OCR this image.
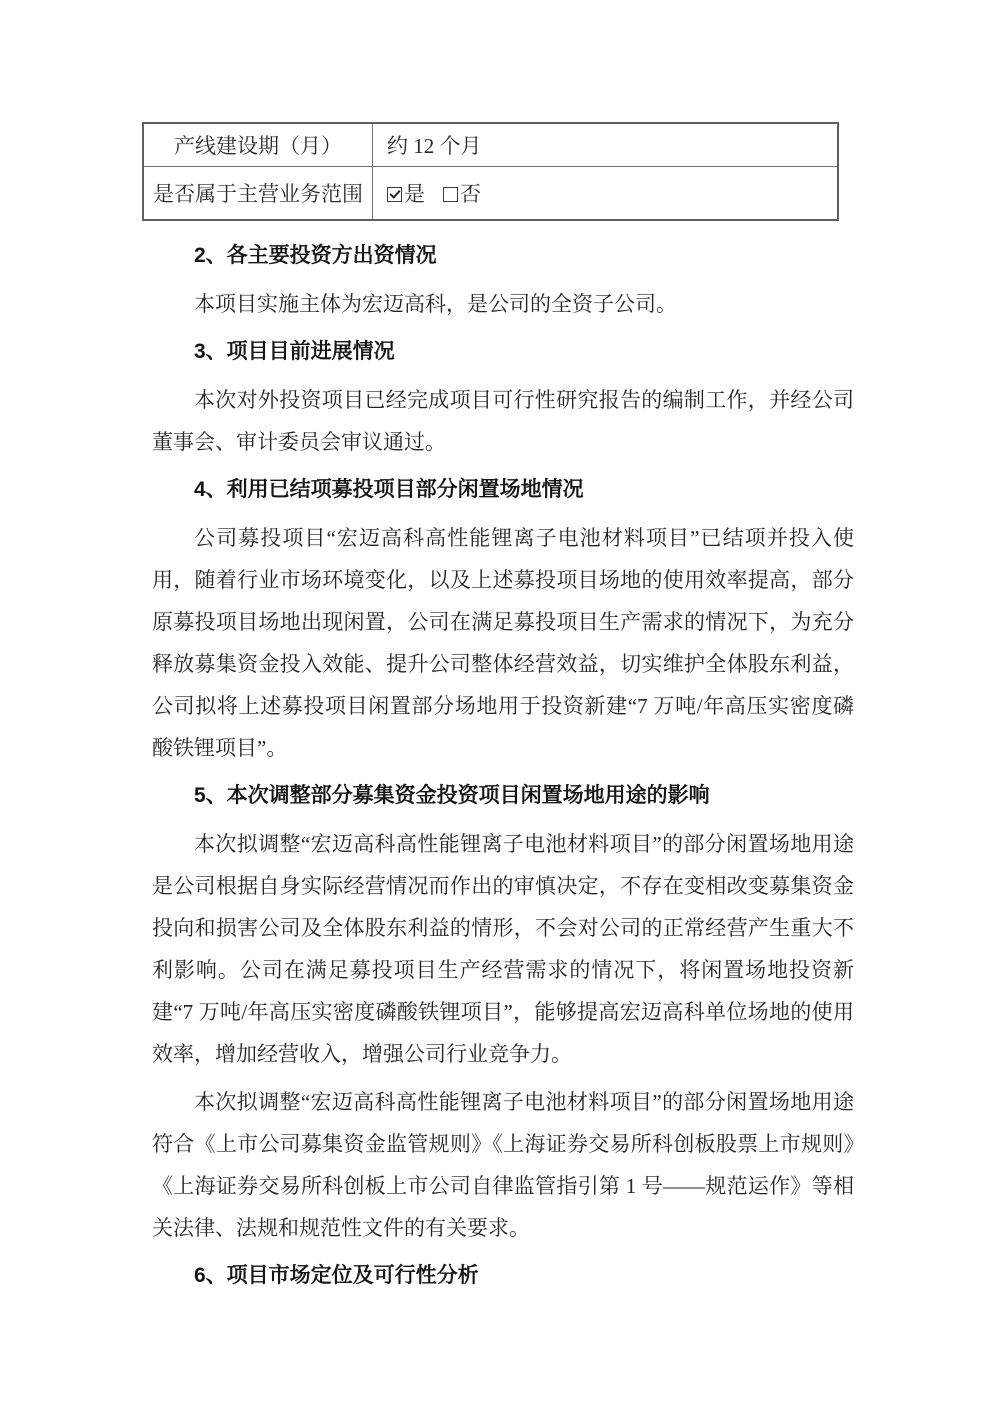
产线建设期（月）	约 12 个月
是否属于主营业务范围	是 否
2、各主要投资方出资情况

本项目实施主体为宏迈高科，是公司的全资子公司。

3、项目目前进展情况

本次对外投资项目已经完成项目可行性研究报告的编制工作，并经公司董事会、审计委员会审议通过。

4、利用已结项募投项目部分闲置场地情况

公司募投项目“宏迈高科高性能锂离子电池材料项目”已结项并投入使用，随着行业市场环境变化，以及上述募投项目场地的使用效率提高，部分原募投项目场地出现闲置，公司在满足募投项目生产需求的情况下，为充分释放募集资金投入效能、提升公司整体经营效益，切实维护全体股东利益，公司拟将上述募投项目闲置部分场地用于投资新建“7 万吨/年高压实密度磷酸铁锂项目”。

5、本次调整部分募集资金投资项目闲置场地用途的影响

本次拟调整“宏迈高科高性能锂离子电池材料项目”的部分闲置场地用途是公司根据自身实际经营情况而作出的审慎决定，不存在变相改变募集资金投向和损害公司及全体股东利益的情形，不会对公司的正常经营产生重大不利影响。公司在满足募投项目生产经营需求的情况下，将闲置场地投资新建“7 万吨/年高压实密度磷酸铁锂项目”，能够提高宏迈高科单位场地的使用效率，增加经营收入，增强公司行业竞争力。

本次拟调整“宏迈高科高性能锂离子电池材料项目”的部分闲置场地用途符合《上市公司募集资金监管规则》《上海证券交易所科创板股票上市规则》《上海证券交易所科创板上市公司自律监管指引第 1 号——规范运作》等相关法律、法规和规范性文件的有关要求。

6、项目市场定位及可行性分析
